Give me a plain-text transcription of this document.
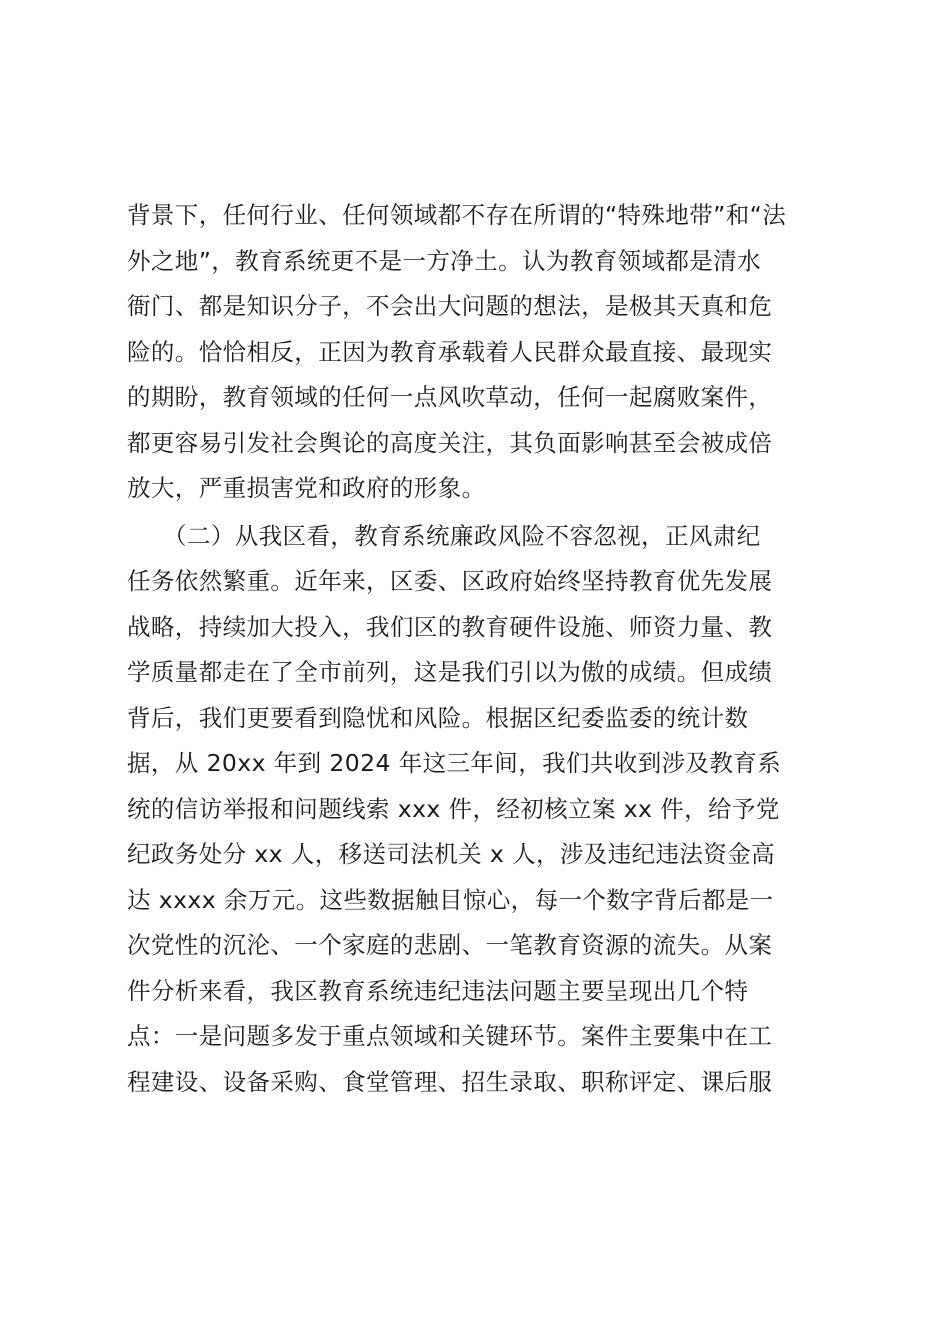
背景下，任何行业、任何领域都不存在所谓的“特殊地带”和“法
外之地”，教育系统更不是一方净土。认为教育领域都是清水
衙门、都是知识分子，不会出大问题的想法，是极其天真和危
险的。恰恰相反，正因为教育承载着人民群众最直接、最现实
的期盼，教育领域的任何一点风吹草动，任何一起腐败案件，
都更容易引发社会舆论的高度关注，其负面影响甚至会被成倍
放大，严重损害党和政府的形象。
　　（二）从我区看，教育系统廉政风险不容忽视，正风肃纪
任务依然繁重。近年来，区委、区政府始终坚持教育优先发展
战略，持续加大投入，我们区的教育硬件设施、师资力量、教
学质量都走在了全市前列，这是我们引以为傲的成绩。但成绩
背后，我们更要看到隐忧和风险。根据区纪委监委的统计数
据，从 20xx 年到 2024 年这三年间，我们共收到涉及教育系
统的信访举报和问题线索 xxx 件，经初核立案 xx 件，给予党
纪政务处分 xx 人，移送司法机关 x 人，涉及违纪违法资金高
达 xxxx 余万元。这些数据触目惊心，每一个数字背后都是一
次党性的沉沦、一个家庭的悲剧、一笔教育资源的流失。从案
件分析来看，我区教育系统违纪违法问题主要呈现出几个特
点：一是问题多发于重点领域和关键环节。案件主要集中在工
程建设、设备采购、食堂管理、招生录取、职称评定、课后服
